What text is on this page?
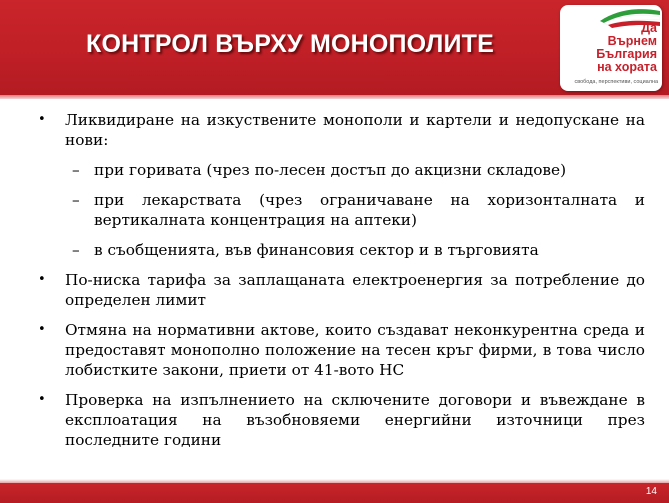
КОНТРОЛ ВЪРХУ МОНОПОЛИТЕ
Да
Върнем
България
на хората
свобода, перспективи, социална
• Ликвидиране на изкуствените монополи и картели и недопускане на нови:
– при горивата (чрез по-лесен достъп до акцизни складове)
– при лекарствата (чрез ограничаване на хоризонталната и вертикалната концентрация на аптеки)
– в съобщенията, във финансовия сектор и в търговията
• По-ниска тарифа за заплащаната електроенергия за потребление до определен лимит
• Отмяна на нормативни актове, които създават неконкурентна среда и предоставят монополно положение на тесен кръг фирми, в това число лобистките закони, приети от 41-вото НС
• Проверка на изпълнението на сключените договори и въвеждане в експлоатация на възобновяеми енергийни източници през последните години
14
